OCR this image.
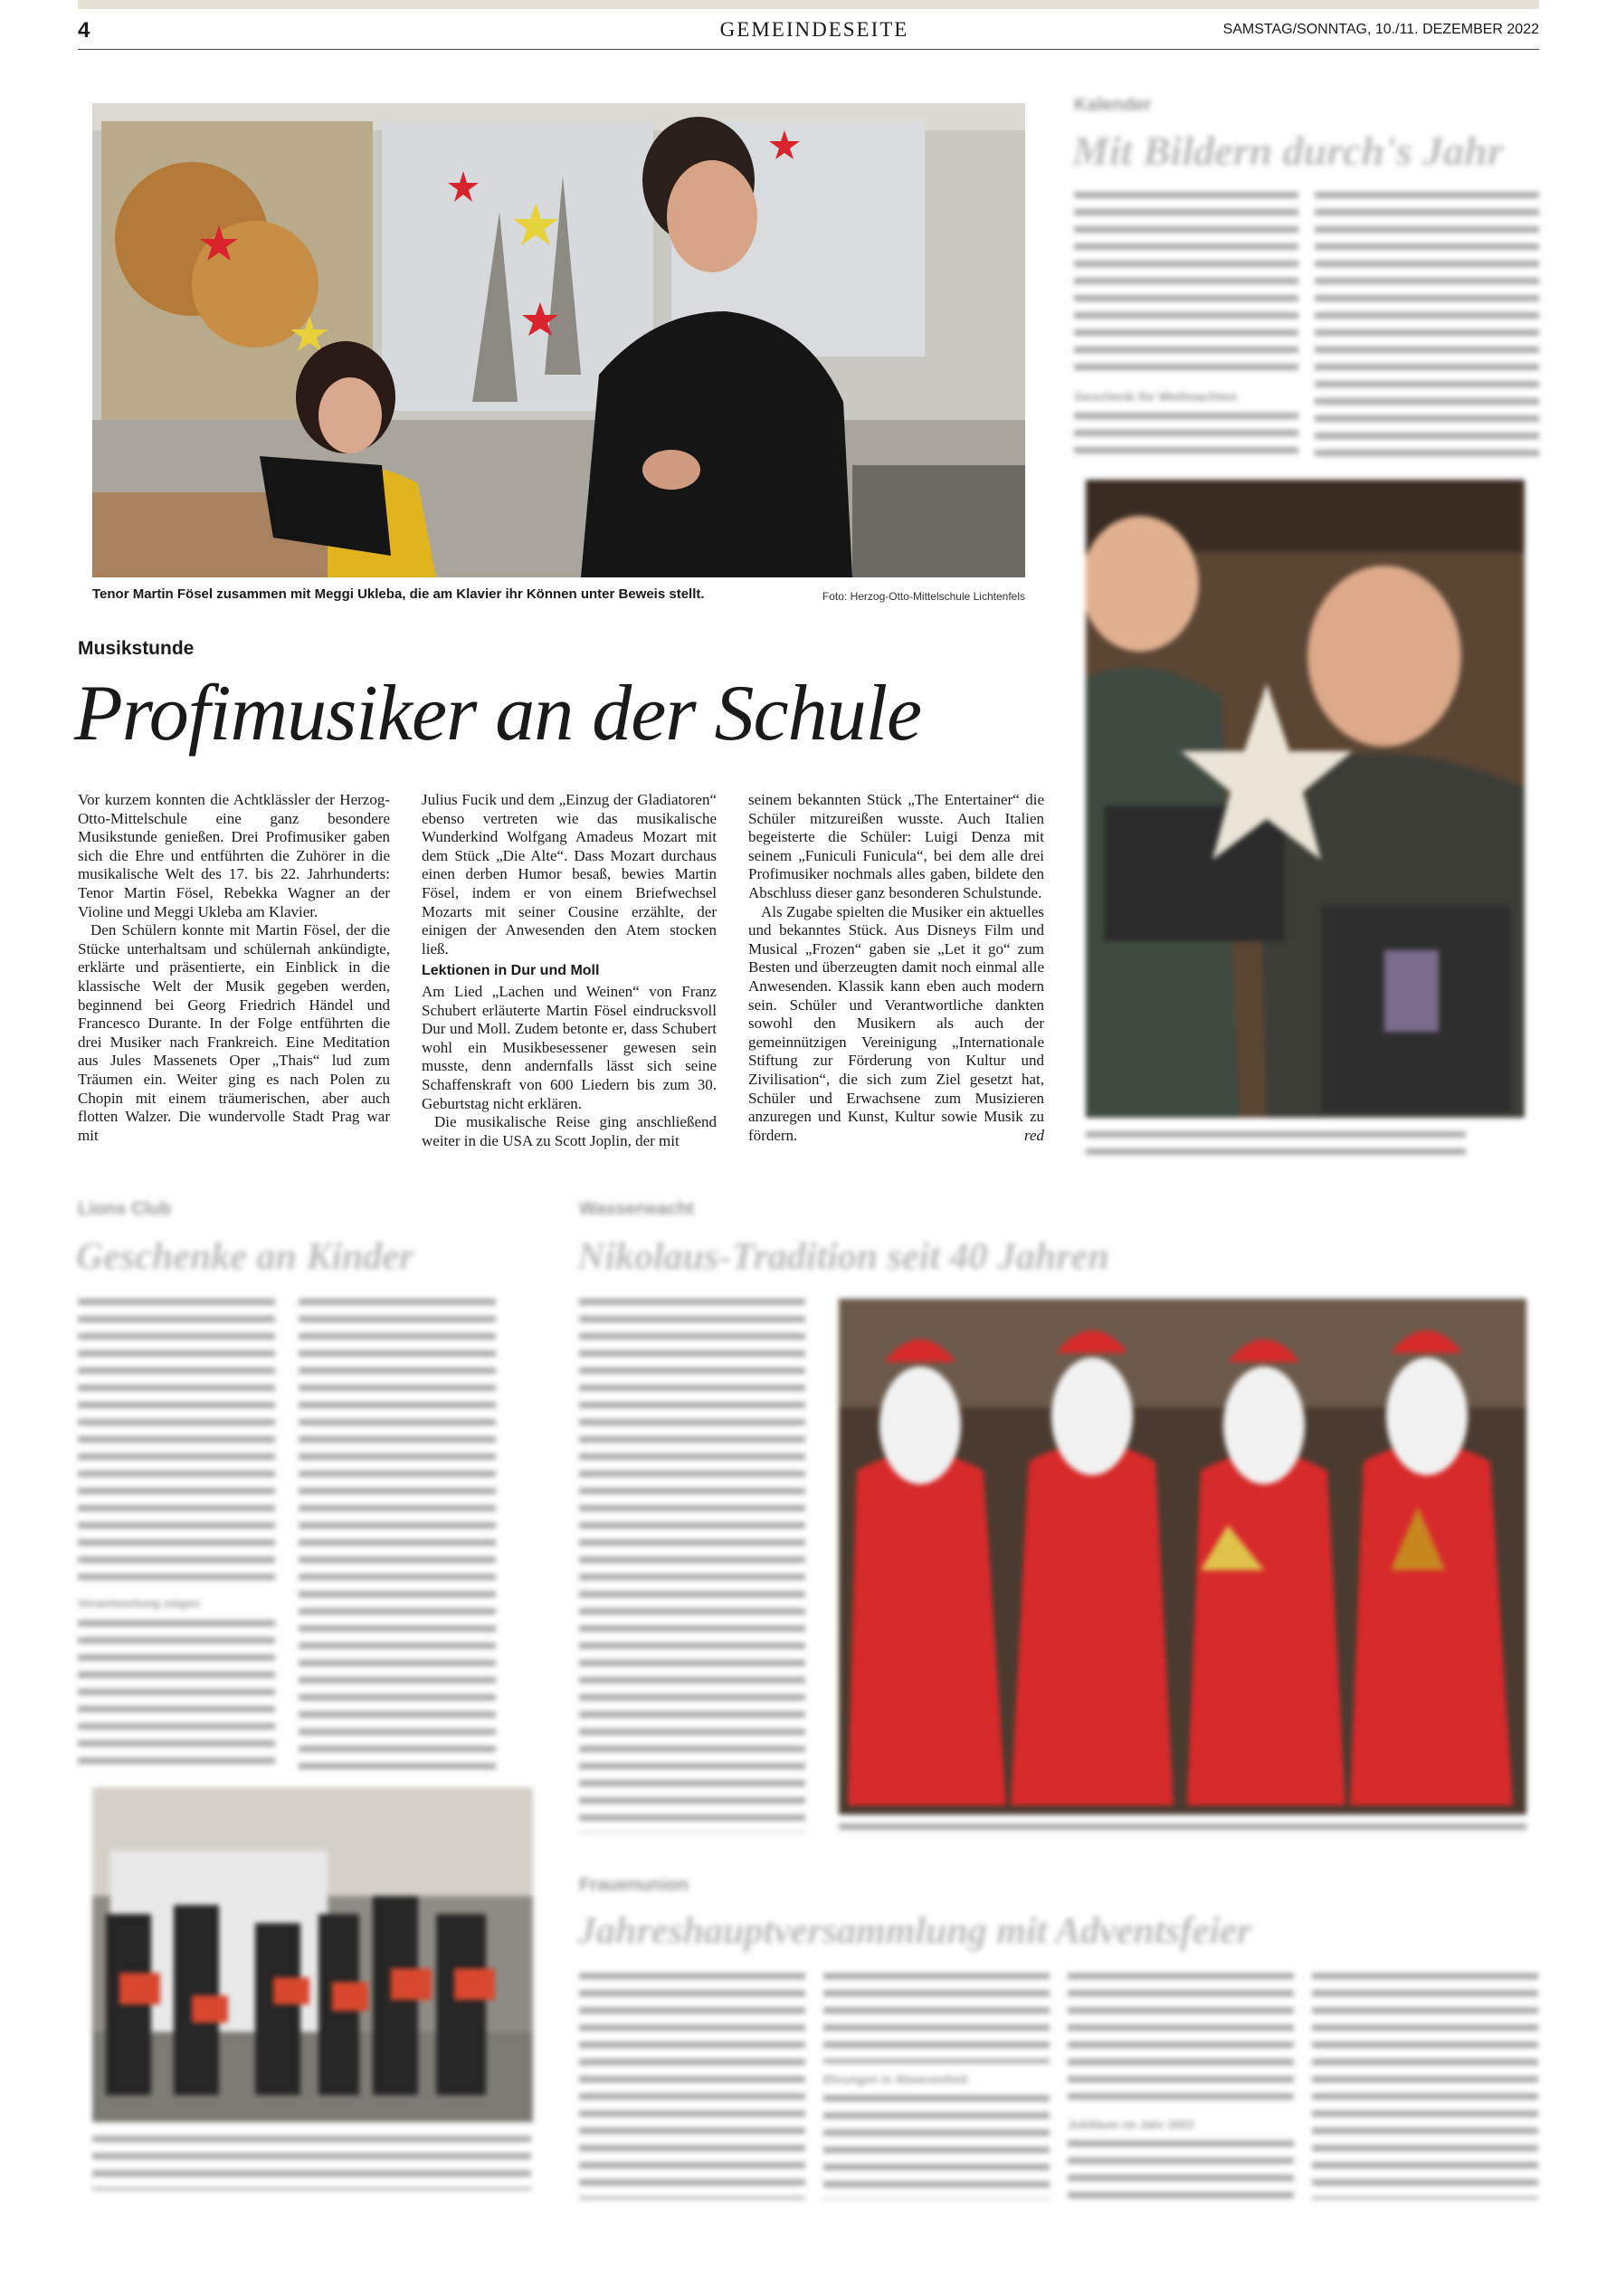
4	GEMEINDESEITE	SAMSTAG/SONNTAG, 10./11. DEZEMBER 2022
Tenor Martin Fösel zusammen mit Meggi Ukleba, die am Klavier ihr Können unter Beweis stellt.	Foto: Herzog-Otto-Mittelschule Lichtenfels
Musikstunde
Profimusiker an der Schule

Vor kurzem konnten die Achtklässler der Herzog-Otto-Mittelschule eine ganz besondere Musikstunde genießen. Drei Profimusiker gaben sich die Ehre und entführten die Zuhörer in die musikalische Welt des 17. bis 22. Jahrhunderts: Tenor Martin Fösel, Rebekka Wagner an der Violine und Meggi Ukleba am Klavier.

Den Schülern konnte mit Martin Fösel, der die Stücke unterhaltsam und schülernah ankündigte, erklärte und präsentierte, ein Einblick in die klassische Welt der Musik gegeben werden, beginnend bei Georg Friedrich Händel und Francesco Durante. In der Folge entführten die drei Musiker nach Frankreich. Eine Meditation aus Jules Massenets Oper „Thais“ lud zum Träumen ein. Weiter ging es nach Polen zu Chopin mit einem träumerischen, aber auch flotten Walzer. Die wundervolle Stadt Prag war mit

Julius Fucik und dem „Einzug der Gladiatoren“ ebenso vertreten wie das musikalische Wunderkind Wolfgang Amadeus Mozart mit dem Stück „Die Alte“. Dass Mozart durchaus einen derben Humor besaß, bewies Martin Fösel, indem er von einem Briefwechsel Mozarts mit seiner Cousine erzählte, der einigen der Anwesenden den Atem stocken ließ.

Lektionen in Dur und Moll

Am Lied „Lachen und Weinen“ von Franz Schubert erläuterte Martin Fösel eindrucksvoll Dur und Moll. Zudem betonte er, dass Schubert wohl ein Musikbesessener gewesen sein musste, denn andernfalls lässt sich seine Schaffenskraft von 600 Liedern bis zum 30. Geburtstag nicht erklären.

Die musikalische Reise ging anschließend weiter in die USA zu Scott Joplin, der mit

seinem bekannten Stück „The Entertainer“ die Schüler mitzureißen wusste. Auch Italien begeisterte die Schüler: Luigi Denza mit seinem „Funiculi Funicula“, bei dem alle drei Profimusiker nochmals alles gaben, bildete den Abschluss dieser ganz besonderen Schulstunde.

Als Zugabe spielten die Musiker ein aktuelles und bekanntes Stück. Aus Disneys Film und Musical „Frozen“ gaben sie „Let it go“ zum Besten und überzeugten damit noch einmal alle Anwesenden. Klassik kann eben auch modern sein. Schüler und Verantwortliche dankten sowohl den Musikern als auch der gemeinnützigen Vereinigung „Internationale Stiftung zur Förderung von Kultur und Zivilisation“, die sich zum Ziel gesetzt hat, Schüler und Erwachsene zum Musizieren anzuregen und Kunst, Kultur sowie Musik zu fördern.	red

Kalender
Mit Bildern durch's Jahr
Geschenk für Weihnachten
Lions Club
Geschenke an Kinder
Verantwortung zeigen
Wasserwacht
Nikolaus-Tradition seit 40 Jahren
Frauenunion
Jahreshauptversammlung mit Adventsfeier
Ehrungen in Abwesenheit
Jubiläum im Jahr 2023
